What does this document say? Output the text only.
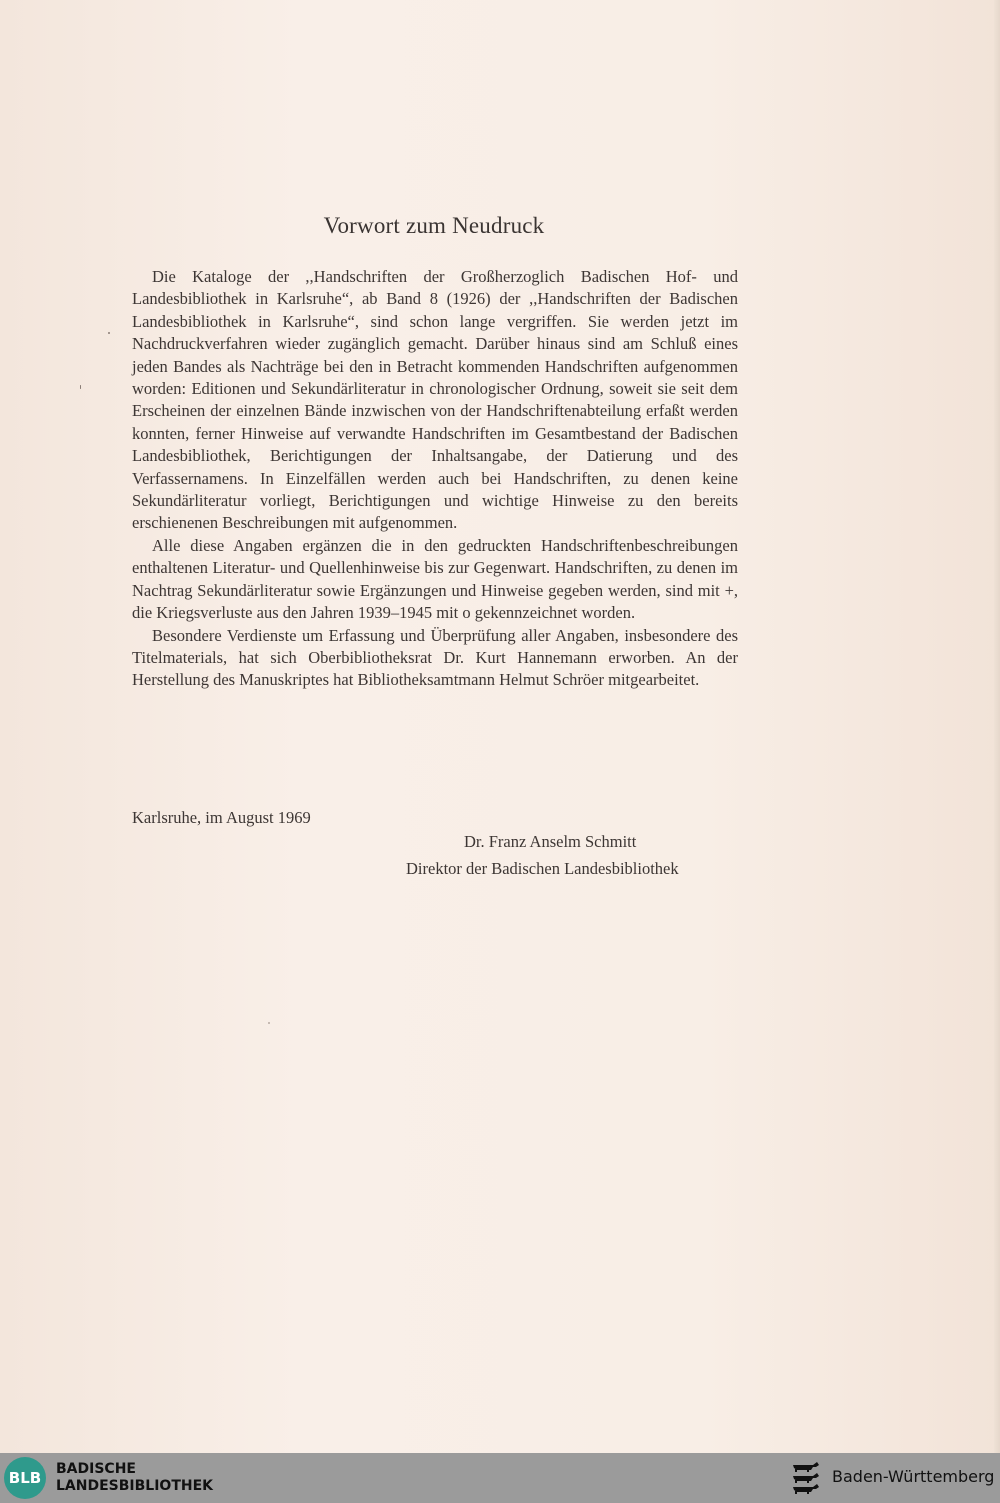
Vorwort zum Neudruck

Die Kataloge der ,,Handschriften der Großherzoglich Badischen Hof- und Landesbibliothek in Karlsruhe“, ab Band 8 (1926) der ,,Handschriften der Badischen Landesbibliothek in Karlsruhe“, sind schon lange vergriffen. Sie werden jetzt im Nachdruckverfahren wieder zugänglich gemacht. Darüber hinaus sind am Schluß eines jeden Bandes als Nachträge bei den in Betracht kommenden Handschriften aufgenommen worden: Editionen und Sekundärliteratur in chronologischer Ordnung, soweit sie seit dem Erscheinen der einzelnen Bände inzwischen von der Handschriftenabteilung erfaßt werden konnten, ferner Hinweise auf verwandte Handschriften im Gesamtbestand der Badischen Landesbibliothek, Berichtigungen der Inhaltsangabe, der Datierung und des Verfassernamens. In Einzelfällen werden auch bei Handschriften, zu denen keine Sekundärliteratur vorliegt, Berichtigungen und wichtige Hinweise zu den bereits erschienenen Beschreibungen mit aufgenommen.

Alle diese Angaben ergänzen die in den gedruckten Handschriftenbeschreibungen enthaltenen Literatur- und Quellenhinweise bis zur Gegenwart. Handschriften, zu denen im Nachtrag Sekundärliteratur sowie Ergänzungen und Hinweise gegeben werden, sind mit +, die Kriegsverluste aus den Jahren 1939–1945 mit o gekennzeichnet worden.

Besondere Verdienste um Erfassung und Überprüfung aller Angaben, insbesondere des Titelmaterials, hat sich Oberbibliotheksrat Dr. Kurt Hannemann erworben. An der Herstellung des Manuskriptes hat Bibliotheksamtmann Helmut Schröer mitgearbeitet.

Karlsruhe, im August 1969

Dr. Franz Anselm Schmitt

Direktor der Badischen Landesbibliothek

BLB	BADISCHE
LANDESBIBLIOTHEK	Baden-Württemberg
